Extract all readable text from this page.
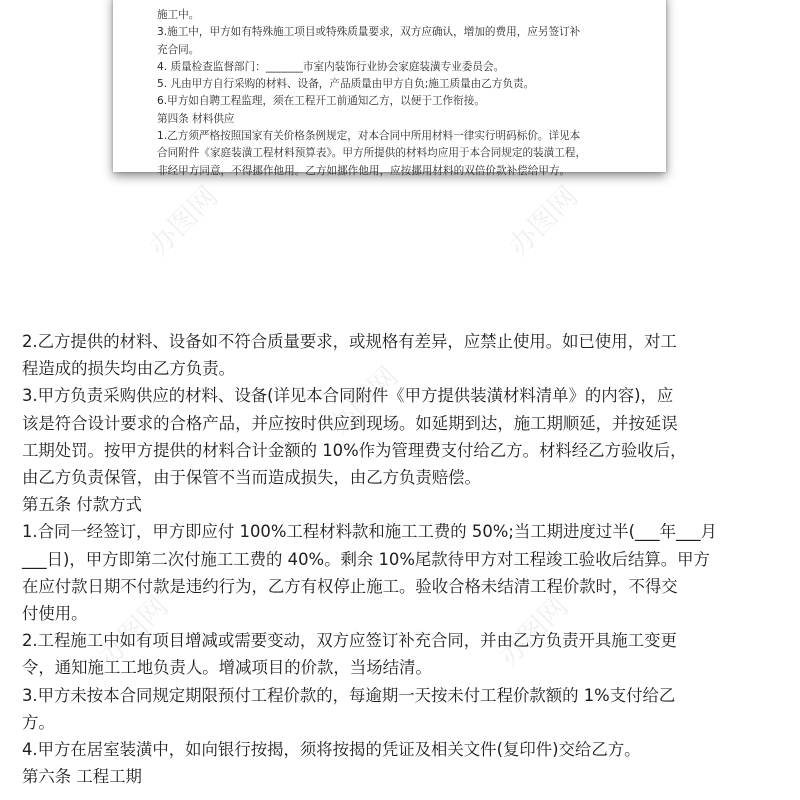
施工中。
3.施工中，甲方如有特殊施工项目或特殊质量要求，双方应确认，增加的费用，应另签订补
充合同。
4. 质量检查监督部门：_______市室内装饰行业协会家庭装潢专业委员会。
5. 凡由甲方自行采购的材料、设备，产品质量由甲方自负;施工质量由乙方负责。
6.甲方如自聘工程监理，须在工程开工前通知乙方，以便于工作衔接。
第四条 材料供应
1.乙方须严格按照国家有关价格条例规定，对本合同中所用材料一律实行明码标价。详见本
合同附件《家庭装潢工程材料预算表》。甲方所提供的材料均应用于本合同规定的装潢工程，
非经甲方同意，不得挪作他用。乙方如挪作他用，应按挪用材料的双倍价款补偿给甲方。
办图网
办图网	办图网
2.乙方提供的材料、设备如不符合质量要求，或规格有差异，应禁止使用。如已使用，对工
程造成的损失均由乙方负责。
3.甲方负责采购供应的材料、设备(详见本合同附件《甲方提供装潢材料清单》的内容)，应
该是符合设计要求的合格产品，并应按时供应到现场。如延期到达，施工期顺延，并按延误
工期处罚。按甲方提供的材料合计金额的 10%作为管理费支付给乙方。材料经乙方验收后，
由乙方负责保管，由于保管不当而造成损失，由乙方负责赔偿。
第五条 付款方式
1.合同一经签订，甲方即应付 100%工程材料款和施工工费的 50%;当工期进度过半(___年___月
___日)，甲方即第二次付施工工费的 40%。剩余 10%尾款待甲方对工程竣工验收后结算。甲方
在应付款日期不付款是违约行为，乙方有权停止施工。验收合格未结清工程价款时，不得交
付使用。
2.工程施工中如有项目增减或需要变动，双方应签订补充合同，并由乙方负责开具施工变更
令，通知施工工地负责人。增减项目的价款，当场结清。
3.甲方未按本合同规定期限预付工程价款的，每逾期一天按未付工程价款额的 1%支付给乙
方。
4.甲方在居室装潢中，如向银行按揭，须将按揭的凭证及相关文件(复印件)交给乙方。
第六条 工程工期
